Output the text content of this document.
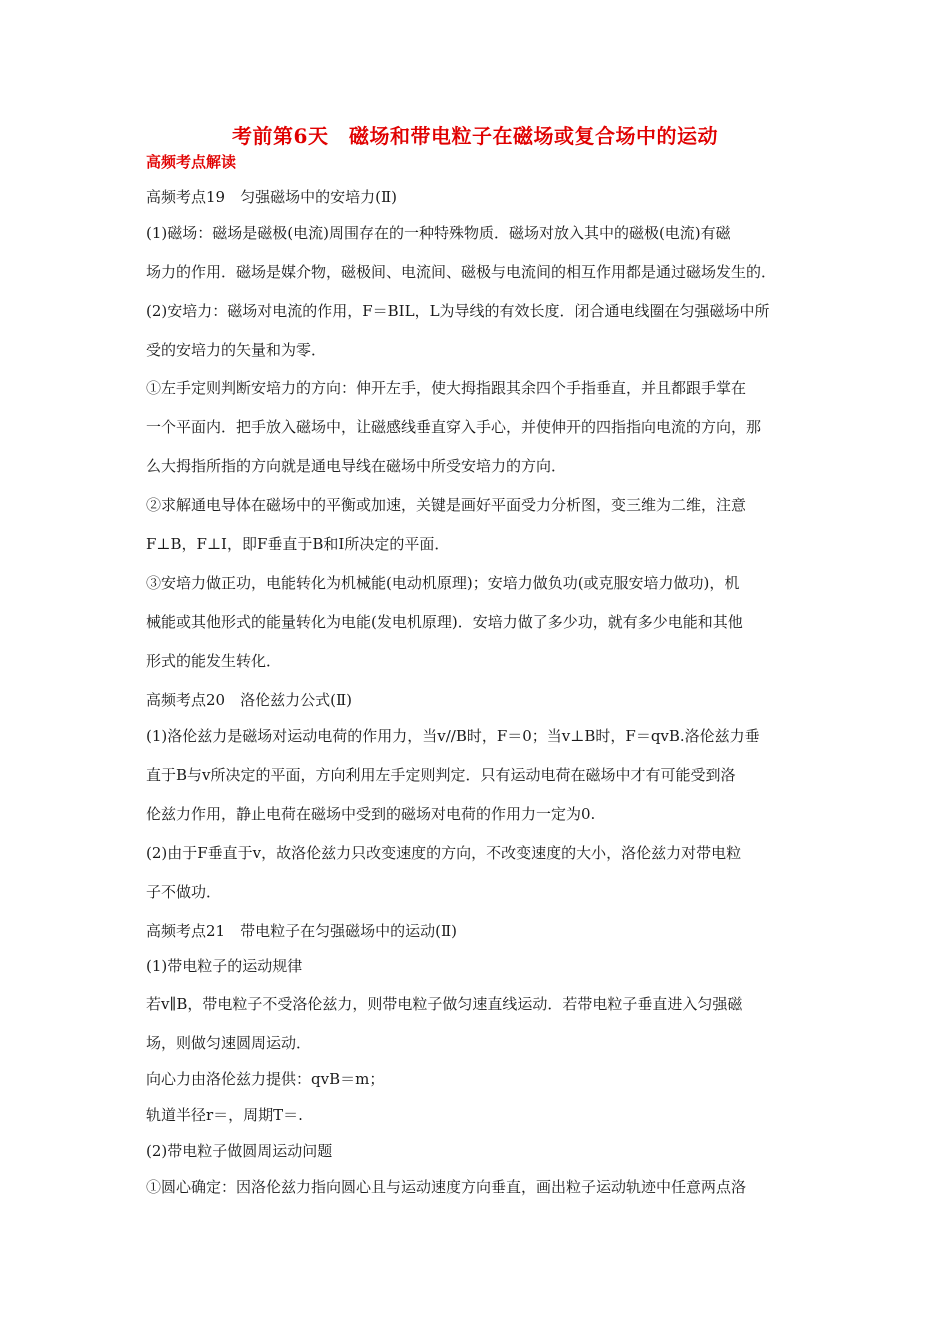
考前第6天　磁场和带电粒子在磁场或复合场中的运动
高频考点解读
高频考点19　匀强磁场中的安培力(Ⅱ)
(1)磁场：磁场是磁极(电流)周围存在的一种特殊物质．磁场对放入其中的磁极(电流)有磁
场力的作用．磁场是媒介物，磁极间、电流间、磁极与电流间的相互作用都是通过磁场发生的．
(2)安培力：磁场对电流的作用，F＝BIL，L为导线的有效长度．闭合通电线圈在匀强磁场中所
受的安培力的矢量和为零．
①左手定则判断安培力的方向：伸开左手，使大拇指跟其余四个手指垂直，并且都跟手掌在
一个平面内．把手放入磁场中，让磁感线垂直穿入手心，并使伸开的四指指向电流的方向，那
么大拇指所指的方向就是通电导线在磁场中所受安培力的方向．
②求解通电导体在磁场中的平衡或加速，关键是画好平面受力分析图，变三维为二维，注意
F⊥B，F⊥I，即F垂直于B和I所决定的平面．
③安培力做正功，电能转化为机械能(电动机原理)；安培力做负功(或克服安培力做功)，机
械能或其他形式的能量转化为电能(发电机原理)．安培力做了多少功，就有多少电能和其他
形式的能发生转化．
高频考点20　洛伦兹力公式(Ⅱ)
(1)洛伦兹力是磁场对运动电荷的作用力，当v//B时，F＝0；当v⊥B时，F＝qvB.洛伦兹力垂
直于B与v所决定的平面，方向利用左手定则判定．只有运动电荷在磁场中才有可能受到洛
伦兹力作用，静止电荷在磁场中受到的磁场对电荷的作用力一定为0.
(2)由于F垂直于v，故洛伦兹力只改变速度的方向，不改变速度的大小，洛伦兹力对带电粒
子不做功．
高频考点21　带电粒子在匀强磁场中的运动(Ⅱ)
(1)带电粒子的运动规律
若v∥B，带电粒子不受洛伦兹力，则带电粒子做匀速直线运动．若带电粒子垂直进入匀强磁
场，则做匀速圆周运动．
向心力由洛伦兹力提供：qvB＝m；
轨道半径r＝，周期T＝.
(2)带电粒子做圆周运动问题
①圆心确定：因洛伦兹力指向圆心且与运动速度方向垂直，画出粒子运动轨迹中任意两点洛
